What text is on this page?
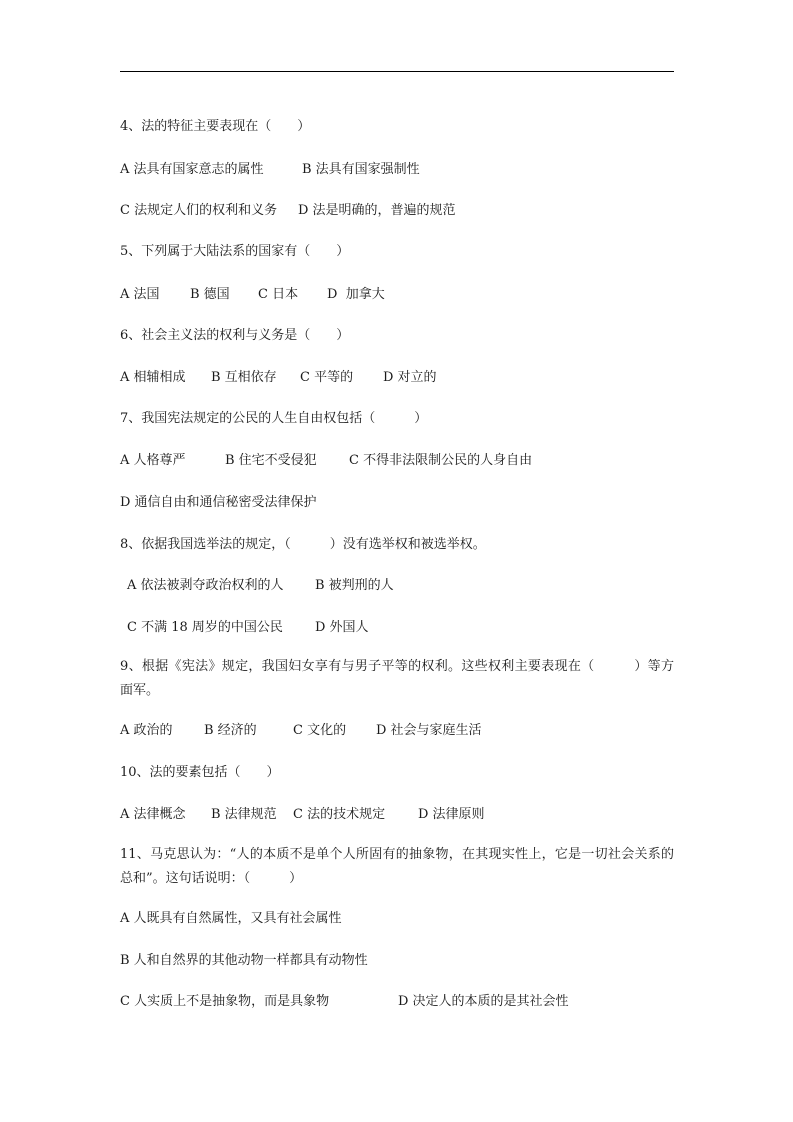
4、法的特征主要表现在（　　）
A 法具有国家意志的属性	B 法具有国家强制性
C 法规定人们的权利和义务 D 法是明确的，普遍的规范
5、下列属于大陆法系的国家有（　　）
A 法国 B 德国 C 日本 D  加拿大
6、社会主义法的权利与义务是（　　）
A 相辅相成 B 互相依存 C 平等的 D 对立的
7、我国宪法规定的公民的人生自由权包括（　　　）
A 人格尊严	B 住宅不受侵犯 C 不得非法限制公民的人身自由
D 通信自由和通信秘密受法律保护
8、依据我国选举法的规定，（　　　）没有选举权和被选举权。
A 依法被剥夺政治权利的人 B 被判刑的人
C 不满 18 周岁的中国公民 D 外国人
9、根据《宪法》规定，我国妇女享有与男子平等的权利。这些权利主要表现在（　　　）等方面军。
A 政治的 B 经济的	C 文化的 D 社会与家庭生活
10、法的要素包括（　　）
A 法律概念 B 法律规范 C 法的技术规定	D 法律原则
11、马克思认为：“人的本质不是单个人所固有的抽象物，在其现实性上，它是一切社会关系的总和”。这句话说明：（　　　）
A 人既具有自然属性，又具有社会属性
B 人和自然界的其他动物一样都具有动物性
C 人实质上不是抽象物，而是具象物	D 决定人的本质的是其社会性
